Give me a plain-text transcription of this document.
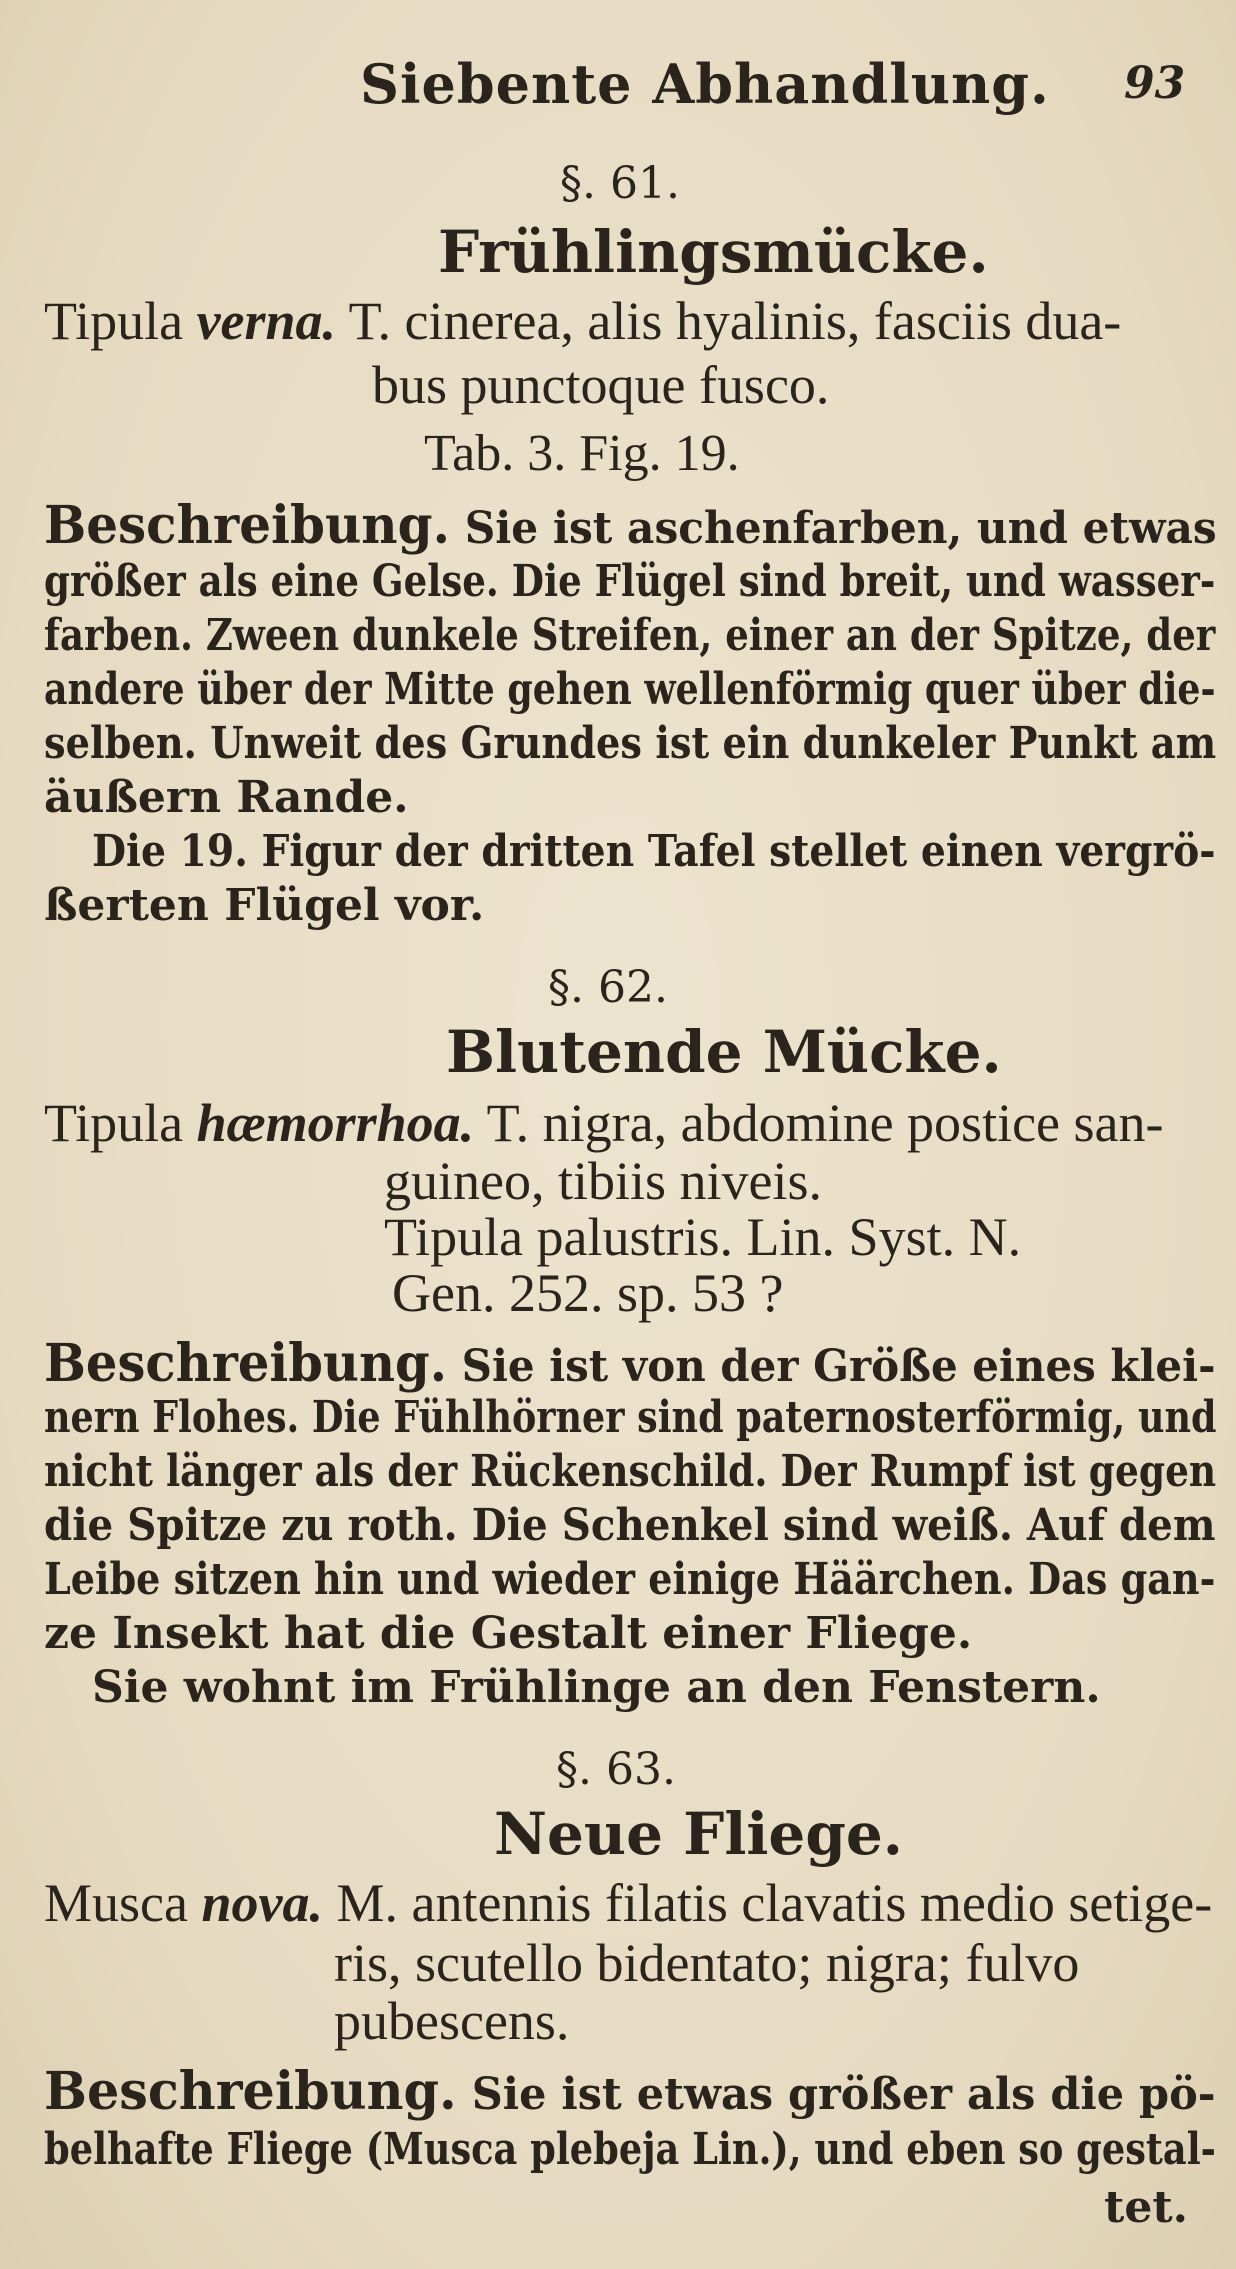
Siebente Abhandlung. 93
§. 61.
Frühlingsmücke.
Tipula verna. T. cinerea, alis hyalinis, fasciis dua-
bus punctoque fusco.
Tab. 3. Fig. 19.
Beschreibung. Sie ist aschenfarben, und etwas
größer als eine Gelse. Die Flügel sind breit, und wasser-
farben. Zween dunkele Streifen, einer an der Spitze, der
andere über der Mitte gehen wellenförmig quer über die-
selben. Unweit des Grundes ist ein dunkeler Punkt am
äußern Rande.
Die 19. Figur der dritten Tafel stellet einen vergrö-
ßerten Flügel vor.
§. 62.
Blutende Mücke.
Tipula hæmorrhoa. T. nigra, abdomine postice san-
guineo, tibiis niveis.
Tipula palustris. Lin. Syst. N.
Gen. 252. sp. 53 ?
Beschreibung. Sie ist von der Größe eines klei-
nern Flohes. Die Fühlhörner sind paternosterförmig, und
nicht länger als der Rückenschild. Der Rumpf ist gegen
die Spitze zu roth. Die Schenkel sind weiß. Auf dem
Leibe sitzen hin und wieder einige Häärchen. Das gan-
ze Insekt hat die Gestalt einer Fliege.
Sie wohnt im Frühlinge an den Fenstern.
§. 63.
Neue Fliege.
Musca nova. M. antennis filatis clavatis medio setige-
ris, scutello bidentato; nigra; fulvo
pubescens.
Beschreibung. Sie ist etwas größer als die pö-
belhafte Fliege (Musca plebeja Lin.), und eben so gestal-
tet.
